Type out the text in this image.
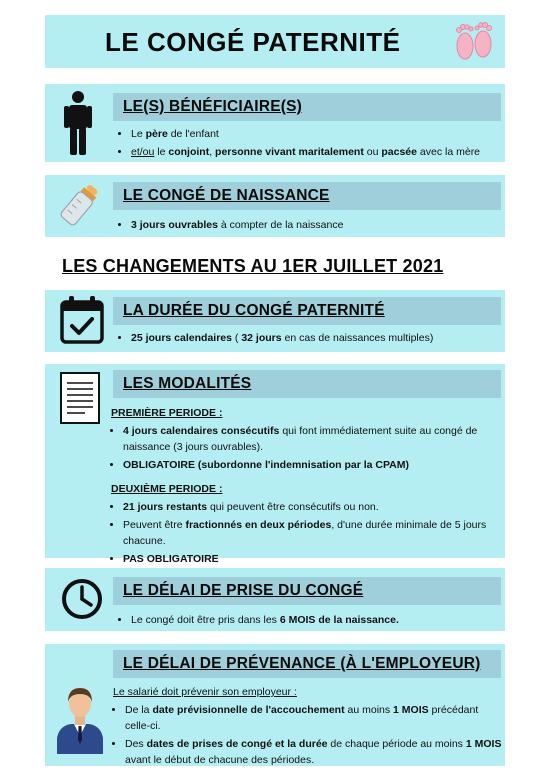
LE CONGÉ PATERNITÉ
LE(S) BÉNÉFICIAIRE(S)
• Le père de l'enfant
• et/ou le conjoint, personne vivant maritalement ou pacsée avec la mère
LE CONGÉ DE NAISSANCE
• 3 jours ouvrables à compter de la naissance
LES CHANGEMENTS AU 1ER JUILLET 2021
LA DURÉE DU CONGÉ PATERNITÉ
• 25 jours calendaires ( 32 jours en cas de naissances multiples)
LES MODALITÉS
PREMIÈRE PERIODE :
• 4 jours calendaires consécutifs qui font immédiatement suite au congé de naissance (3 jours ouvrables).
• OBLIGATOIRE (subordonne l'indemnisation par la CPAM)
DEUXIÈME PERIODE :
• 21 jours restants qui peuvent être consécutifs ou non.
• Peuvent être fractionnés en deux périodes, d'une durée minimale de 5 jours chacune.
• PAS OBLIGATOIRE
LE DÉLAI DE PRISE DU CONGÉ
• Le congé doit être pris dans les 6 MOIS de la naissance.
LE DÉLAI DE PRÉVENANCE (À L'EMPLOYEUR)
Le salarié doit prévenir son employeur :
• De la date prévisionnelle de l'accouchement au moins 1 MOIS précédant celle-ci.
• Des dates de prises de congé et la durée de chaque période au moins 1 MOIS avant le début de chacune des périodes.
